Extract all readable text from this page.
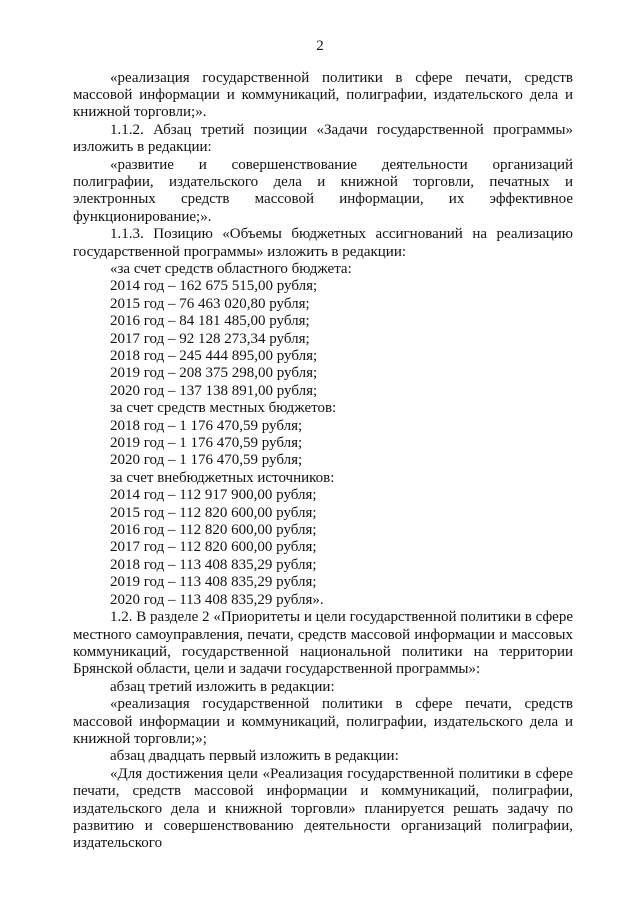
2

«реализация государственной политики в сфере печати, средств массовой информации и коммуникаций, полиграфии, издательского дела и книжной торговли;».

1.1.2. Абзац третий позиции «Задачи государственной программы» изложить в редакции:

«развитие и совершенствование деятельности организаций полиграфии, издательского дела и книжной торговли, печатных и электронных средств массовой информации, их эффективное функционирование;».

1.1.3. Позицию «Объемы бюджетных ассигнований на реализацию государственной программы» изложить в редакции:

«за счет средств областного бюджета:

2014 год – 162 675 515,00 рубля;

2015 год – 76 463 020,80 рубля;

2016 год – 84 181 485,00 рубля;

2017 год – 92 128 273,34 рубля;

2018 год – 245 444 895,00 рубля;

2019 год – 208 375 298,00 рубля;

2020 год – 137 138 891,00 рубля;

за счет средств местных бюджетов:

2018 год – 1 176 470,59 рубля;

2019 год – 1 176 470,59 рубля;

2020 год – 1 176 470,59 рубля;

за счет внебюджетных источников:

2014 год – 112 917 900,00 рубля;

2015 год – 112 820 600,00 рубля;

2016 год – 112 820 600,00 рубля;

2017 год – 112 820 600,00 рубля;

2018 год – 113 408 835,29 рубля;

2019 год – 113 408 835,29 рубля;

2020 год – 113 408 835,29 рубля».

1.2. В разделе 2 «Приоритеты и цели государственной политики в сфере местного самоуправления, печати, средств массовой информации и массовых коммуникаций, государственной национальной политики на территории Брянской области, цели и задачи государственной программы»:

абзац третий изложить в редакции:

«реализация государственной политики в сфере печати, средств массовой информации и коммуникаций, полиграфии, издательского дела и книжной торговли;»;

абзац двадцать первый изложить в редакции:

«Для достижения цели «Реализация государственной политики в сфере печати, средств массовой информации и коммуникаций, полиграфии, издательского дела и книжной торговли» планируется решать задачу по развитию и совершенствованию деятельности организаций полиграфии, издательского
